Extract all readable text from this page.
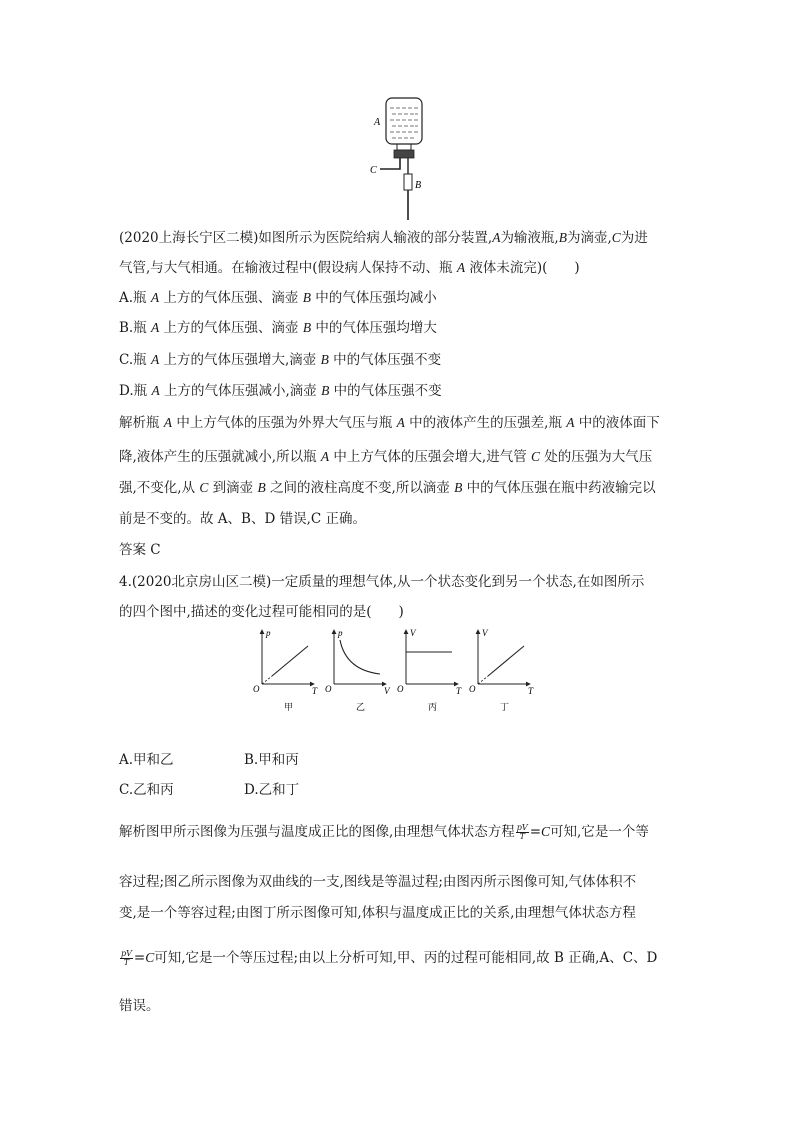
A
C
B
(2020上海长宁区二模)如图所示为医院给病人输液的部分装置,A为输液瓶,B为滴壶,C为进
气管,与大气相通。在输液过程中(假设病人保持不动、瓶 A 液体未流完)(　　)
A.瓶 A 上方的气体压强、滴壶 B 中的气体压强均减小
B.瓶 A 上方的气体压强、滴壶 B 中的气体压强均增大
C.瓶 A 上方的气体压强增大,滴壶 B 中的气体压强不变
D.瓶 A 上方的气体压强减小,滴壶 B 中的气体压强不变
解析瓶 A 中上方气体的压强为外界大气压与瓶 A 中的液体产生的压强差,瓶 A 中的液体面下
降,液体产生的压强就减小,所以瓶 A 中上方气体的压强会增大,进气管 C 处的压强为大气压
强,不变化,从 C 到滴壶 B 之间的液柱高度不变,所以滴壶 B 中的气体压强在瓶中药液输完以
前是不变的。故 A、B、D 错误,C 正确。
答案 C
4.(2020北京房山区二模)一定质量的理想气体,从一个状态变化到另一个状态,在如图所示
的四个图中,描述的变化过程可能相同的是(　　)
p
T
O
甲
p
V
O
乙
V
T
O
丙
V
T
O
丁
A.甲和乙	B.甲和丙
C.乙和丙	D.乙和丁
解析图甲所示图像为压强与温度成正比的图像,由理想气体状态方程 $\frac{pV}{T} =C$可知,它是一个等
容过程;图乙所示图像为双曲线的一支,图线是等温过程;由图丙所示图像可知,气体体积不
变,是一个等容过程;由图丁所示图像可知,体积与温度成正比的关系,由理想气体状态方程
$\frac{pV}{T} =C$可知,它是一个等压过程;由以上分析可知,甲、丙的过程可能相同,故 B 正确,A、C、D
错误。
